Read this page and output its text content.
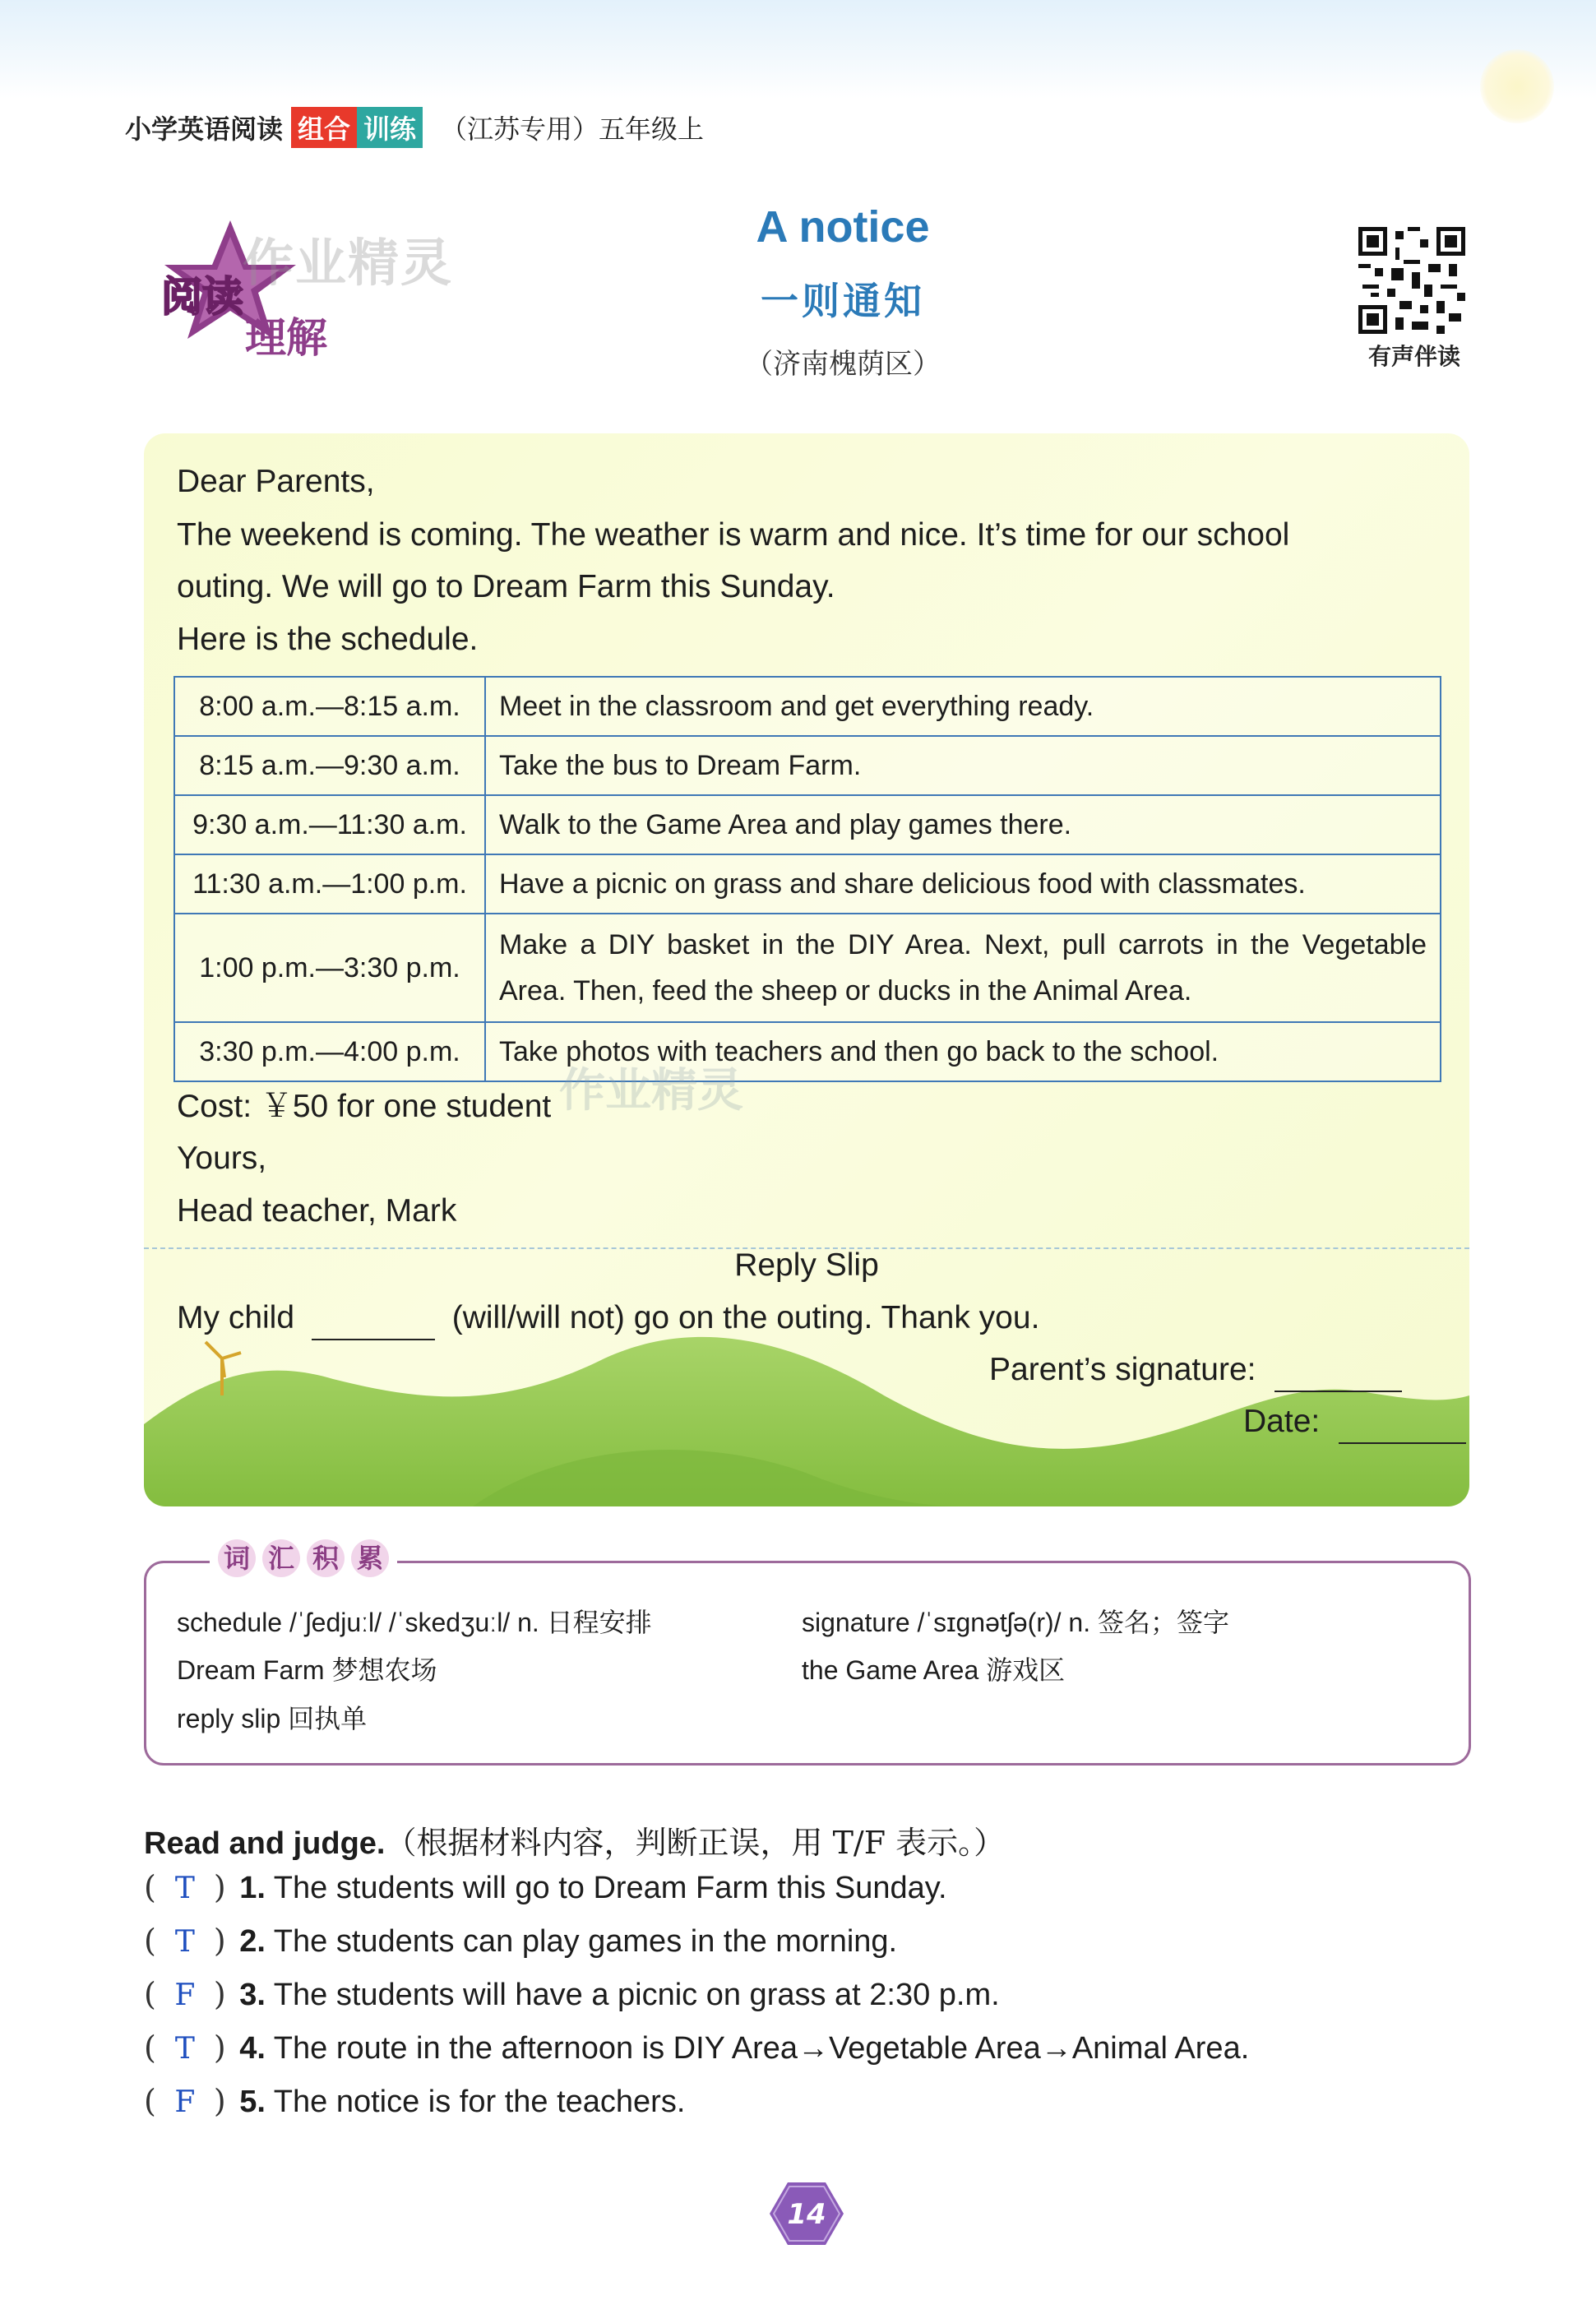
小学英语阅读 组合 训练 （江苏专用）五年级上
阅读
理解
作业精灵
A notice
一则通知
（济南槐荫区）	有声伴读
Dear Parents,
The weekend is coming. The weather is warm and nice. It’s time for our school
outing. We will go to Dream Farm this Sunday.
Here is the schedule.
8:00 a.m.—8:15 a.m.	Meet in the classroom and get everything ready.
8:15 a.m.—9:30 a.m.	Take the bus to Dream Farm.
9:30 a.m.—11:30 a.m.	Walk to the Game Area and play games there.
11:30 a.m.—1:00 p.m.	Have a picnic on grass and share delicious food with classmates.
1:00 p.m.—3:30 p.m.	Make a DIY basket in the DIY Area. Next, pull carrots in the Vegetable Area. Then, feed the sheep or ducks in the Animal Area.
3:30 p.m.—4:00 p.m.	Take photos with teachers and then go back to the school.
作业精灵
Cost: ￥50 for one student
Yours,
Head teacher, Mark
Reply Slip
My child	(will/will not) go on the outing. Thank you.
Parent’s signature:
Date:
词 汇 积 累
schedule /ˈʃedjuːl/ /ˈskedʒuːl/ n. 日程安排
Dream Farm 梦想农场
reply slip 回执单
signature /ˈsɪɡnətʃə(r)/ n. 签名；签字
the Game Area 游戏区
Read and judge.（根据材料内容，判断正误，用 T/F 表示。）
( T ) 1. The students will go to Dream Farm this Sunday.
( T ) 2. The students can play games in the morning.
( F ) 3. The students will have a picnic on grass at 2:30 p.m.
( T ) 4. The route in the afternoon is DIY Area→Vegetable Area→Animal Area.
( F ) 5. The notice is for the teachers.
14
